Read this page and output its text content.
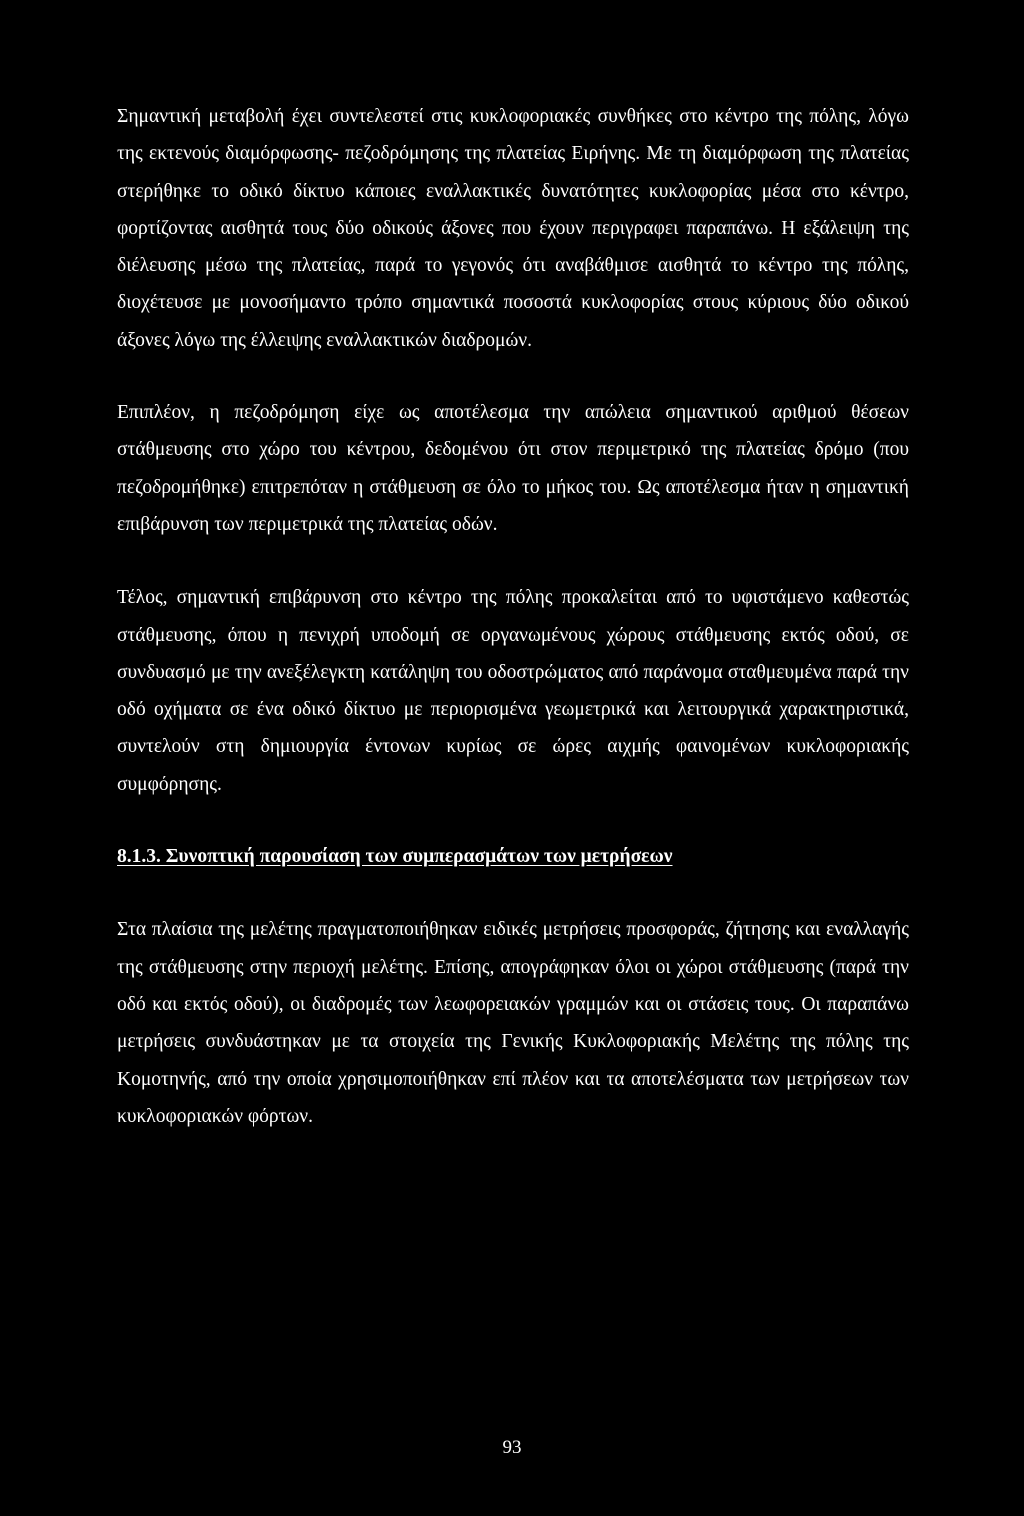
Σημαντική μεταβολή έχει συντελεστεί στις κυκλοφοριακές συνθήκες στο κέντρο της πόλης, λόγω της εκτενούς διαμόρφωσης- πεζοδρόμησης της πλατείας Ειρήνης. Με τη διαμόρφωση της πλατείας στερήθηκε το οδικό δίκτυο κάποιες εναλλακτικές δυνατότητες κυκλοφορίας μέσα στο κέντρο, φορτίζοντας αισθητά τους δύο οδικούς άξονες που έχουν περιγραφει παραπάνω. Η εξάλειψη της διέλευσης μέσω της πλατείας, παρά το γεγονός ότι αναβάθμισε αισθητά το κέντρο της πόλης, διοχέτευσε με μονοσήμαντο τρόπο σημαντικά ποσοστά κυκλοφορίας στους κύριους δύο οδικού άξονες λόγω της έλλειψης εναλλακτικών διαδρομών.

Επιπλέον, η πεζοδρόμηση είχε ως αποτέλεσμα την απώλεια σημαντικού αριθμού θέσεων στάθμευσης στο χώρο του κέντρου, δεδομένου ότι στον περιμετρικό της πλατείας δρόμο (που πεζοδρομήθηκε) επιτρεπόταν η στάθμευση σε όλο το μήκος του. Ως αποτέλεσμα ήταν η σημαντική επιβάρυνση των περιμετρικά της πλατείας οδών.

Τέλος, σημαντική επιβάρυνση στο κέντρο της πόλης προκαλείται από το υφιστάμενο καθεστώς στάθμευσης, όπου η πενιχρή υποδομή σε οργανωμένους χώρους στάθμευσης εκτός οδού, σε συνδυασμό με την ανεξέλεγκτη κατάληψη του οδοστρώματος από παράνομα σταθμευμένα παρά την οδό οχήματα σε ένα οδικό δίκτυο με περιορισμένα γεωμετρικά και λειτουργικά χαρακτηριστικά, συντελούν στη δημιουργία έντονων κυρίως σε ώρες αιχμής φαινομένων κυκλοφοριακής συμφόρησης.

8.1.3. Συνοπτική παρουσίαση των συμπερασμάτων των μετρήσεων

Στα πλαίσια της μελέτης πραγματοποιήθηκαν ειδικές μετρήσεις προσφοράς, ζήτησης και εναλλαγής της στάθμευσης στην περιοχή μελέτης. Επίσης, απογράφηκαν όλοι οι χώροι στάθμευσης (παρά την οδό και εκτός οδού), οι διαδρομές των λεωφορειακών γραμμών και οι στάσεις τους. Οι παραπάνω μετρήσεις συνδυάστηκαν με τα στοιχεία της Γενικής Κυκλοφοριακής Μελέτης της πόλης της Κομοτηνής, από την οποία χρησιμοποιήθηκαν επί πλέον και τα αποτελέσματα των μετρήσεων των κυκλοφοριακών φόρτων.

93
